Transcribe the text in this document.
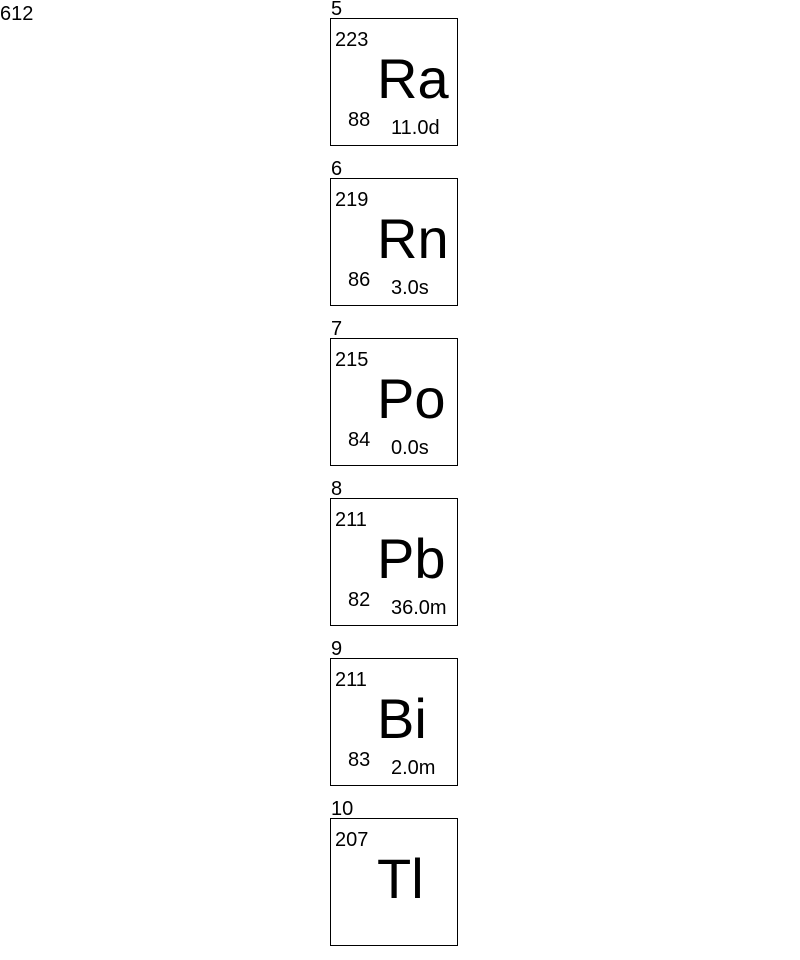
612	5
223
Ra
88 11.0d
6
219
Rn
86 3.0s
7
215
Po
84 0.0s
8
211
Pb
82 36.0m
9
211
Bi
83 2.0m
10
207
Tl
